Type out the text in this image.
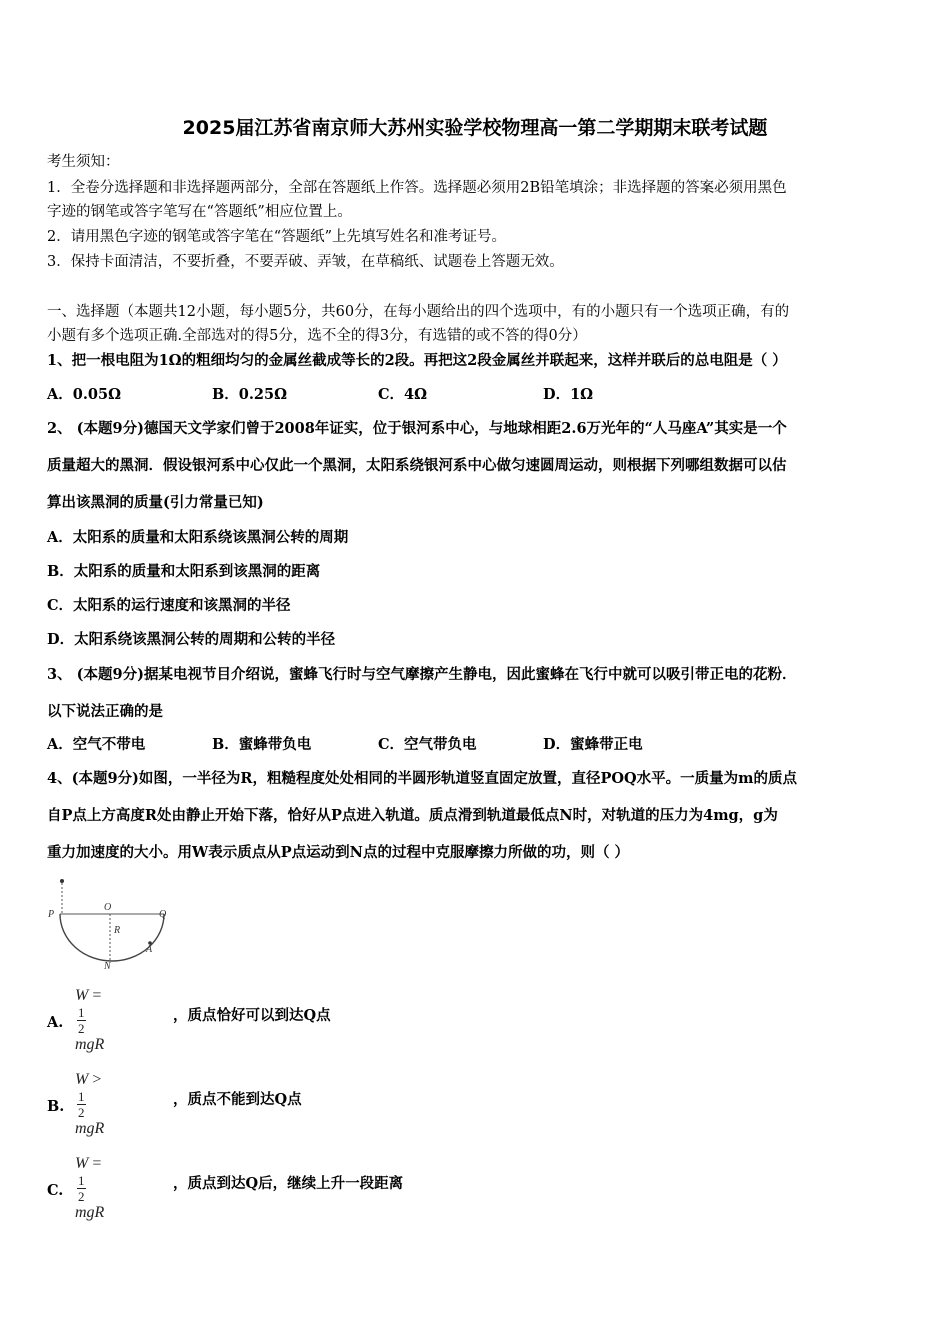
2025届江苏省南京师大苏州实验学校物理高一第二学期期末联考试题
考生须知：
1．全卷分选择题和非选择题两部分，全部在答题纸上作答。选择题必须用2B铅笔填涂；非选择题的答案必须用黑色
字迹的钢笔或答字笔写在“答题纸”相应位置上。
2．请用黑色字迹的钢笔或答字笔在“答题纸”上先填写姓名和准考证号。
3．保持卡面清洁，不要折叠，不要弄破、弄皱，在草稿纸、试题卷上答题无效。
一、选择题（本题共12小题，每小题5分，共60分，在每小题给出的四个选项中，有的小题只有一个选项正确，有的
小题有多个选项正确.全部选对的得5分，选不全的得3分，有选错的或不答的得0分）
1、把一根电阻为1Ω的粗细均匀的金属丝截成等长的2段。再把这2段金属丝并联起来，这样并联后的总电阻是（ ）
A．0.05Ω	B．0.25Ω	C．4Ω	D．1Ω
2、 (本题9分)德国天文学家们曾于2008年证实，位于银河系中心，与地球相距2.6万光年的“人马座A”其实是一个
质量超大的黑洞．假设银河系中心仅此一个黑洞，太阳系绕银河系中心做匀速圆周运动，则根据下列哪组数据可以估
算出该黑洞的质量(引力常量已知)
A．太阳系的质量和太阳系绕该黑洞公转的周期
B．太阳系的质量和太阳系到该黑洞的距离
C．太阳系的运行速度和该黑洞的半径
D．太阳系绕该黑洞公转的周期和公转的半径
3、 (本题9分)据某电视节目介绍说，蜜蜂飞行时与空气摩擦产生静电，因此蜜蜂在飞行中就可以吸引带正电的花粉．
以下说法正确的是
A．空气不带电	B．蜜蜂带负电	C．空气带负电	D．蜜蜂带正电
4、(本题9分)如图，一半径为R，粗糙程度处处相同的半圆形轨道竖直固定放置，直径POQ水平。一质量为m的质点
自P点上方高度R处由静止开始下落，恰好从P点进入轨道。质点滑到轨道最低点N时，对轨道的压力为4mg，g为
重力加速度的大小。用W表示质点从P点运动到N点的过程中克服摩擦力所做的功，则（ ）
P
O
Q
R
A
N
A.
W =
$\frac{1}{2}$
mgR
，质点恰好可以到达Q点
B.
W >
$\frac{1}{2}$
mgR
，质点不能到达Q点
C.
W =
$\frac{1}{2}$
mgR
，质点到达Q后，继续上升一段距离
